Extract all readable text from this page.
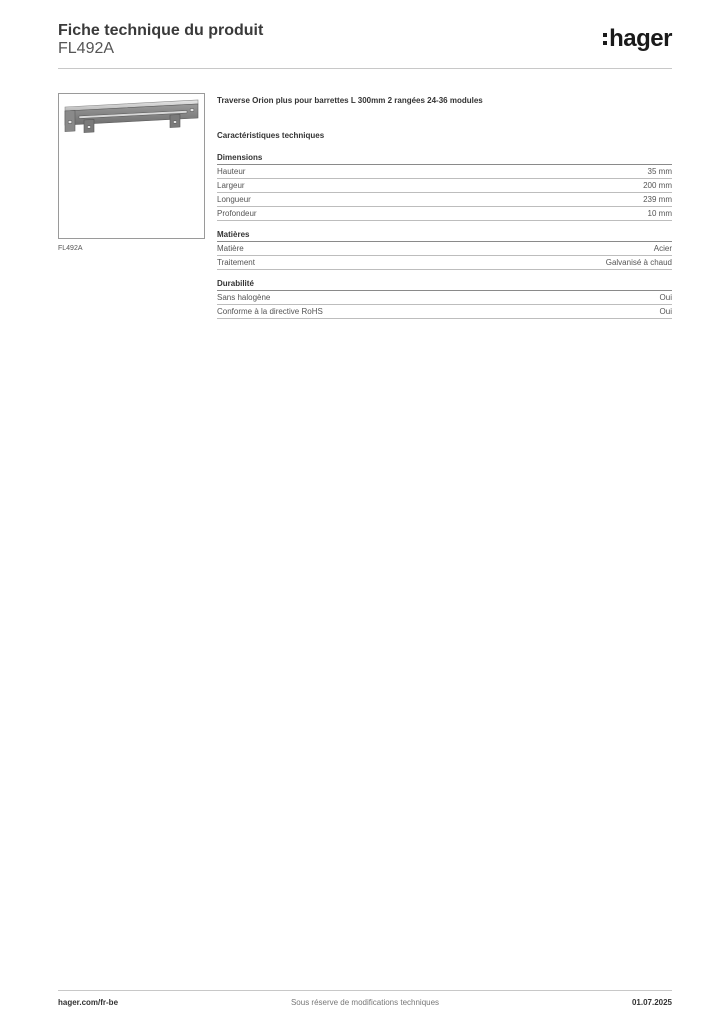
Fiche technique du produit
FL492A	hager
FL492A
Traverse Orion plus pour barrettes L 300mm 2 rangées 24-36 modules
Caractéristiques techniques
Dimensions
Hauteur	35 mm
Largeur	200 mm
Longueur	239 mm
Profondeur	10 mm
Matières
Matière	Acier
Traitement	Galvanisé à chaud
Durabilité
Sans halogène	Oui
Conforme à la directive RoHS	Oui
Sous réserve de modifications techniques
hager.com/fr-be	01.07.2025
